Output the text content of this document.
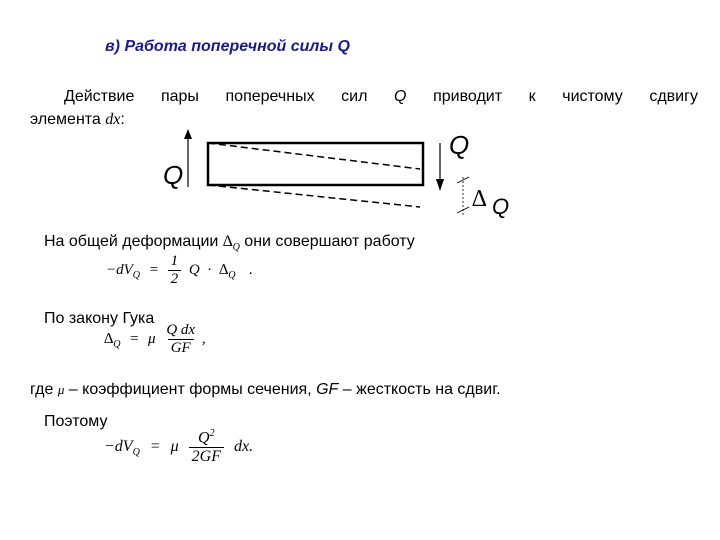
в) Работа поперечной силы Q
Действие пары поперечных сил Q приводит к чистому сдвигу
элемента dx:
Q
Q
∆ Q
На общей деформации $\Delta_Q$ они совершают работу
$-dV_Q = \frac{1}{2}$ $Q \cdot \Delta_Q$ .
По закону Гука
$\Delta_Q = \mu \frac{\text{Q dx}}{GF}$ ,
где μ – коэффициент формы сечения, GF – жесткость на сдвиг.
Поэтому
$-dV_Q = \mu \frac{Q^2}{2GF}$ dx.
